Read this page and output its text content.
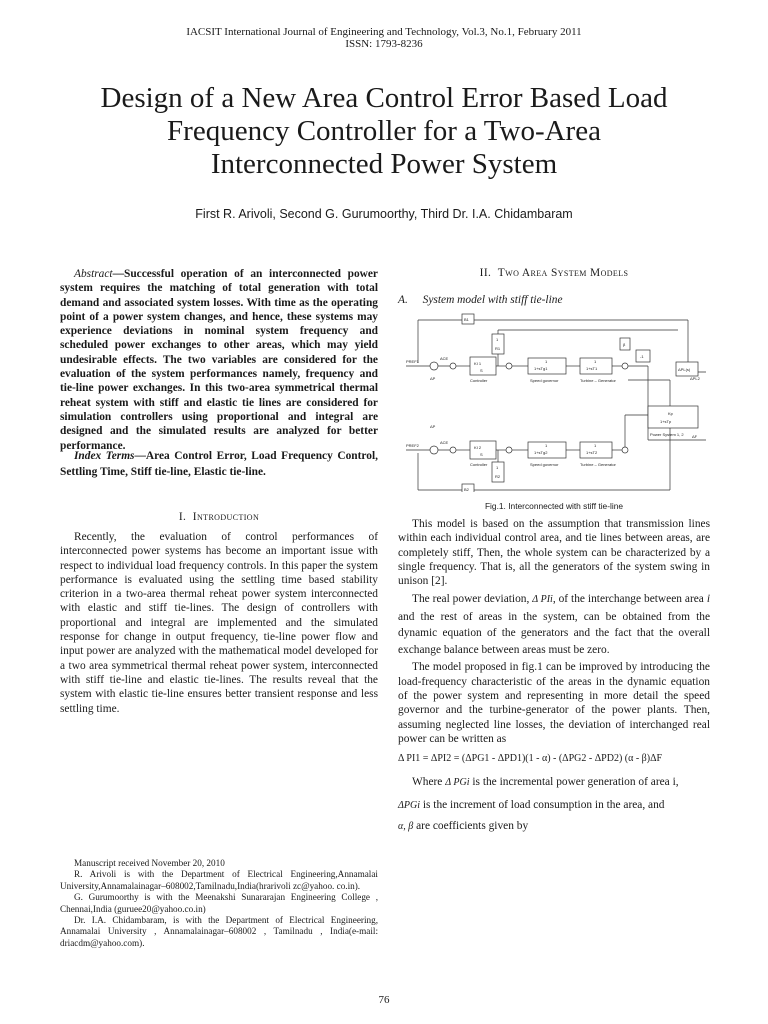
IACSIT International Journal of Engineering and Technology, Vol.3, No.1, February 2011
ISSN: 1793-8236
Design of a New Area Control Error Based Load
Frequency Controller for a Two-Area
Interconnected Power System
First R. Arivoli, Second G. Gurumoorthy, Third Dr. I.A. Chidambaram

Abstract—Successful operation of an interconnected power system requires the matching of total generation with total demand and associated system losses. With time as the operating point of a power system changes, and hence, these systems may experience deviations in nominal system frequency and scheduled power exchanges to other areas, which may yield undesirable effects. The two variables are considered for the evaluation of the system performances namely, frequency and tie-line power exchanges. In this two-area symmetrical thermal reheat system with stiff and elastic tie lines are considered for simulation controllers using proportional and integral are designed and the simulated results are analyzed for better performance.

Index Terms—Area Control Error, Load Frequency Control, Settling Time, Stiff tie-line, Elastic tie-line.

I. Introduction

Recently, the evaluation of control performances of interconnected power systems has become an important issue with respect to individual load frequency controls. In this paper the system performance is evaluated using the settling time based stability criterion in a two-area thermal reheat power system interconnected with elastic and stiff tie-lines. The design of controllers with proportional and integral are implemented and the simulated response for change in output frequency, tie-line power flow and input power are analyzed with the mathematical model developed for a two area symmetrical thermal reheat power system, interconnected with stiff tie-line and elastic tie-lines. The results reveal that the system with elastic tie-line ensures better transient response and less settling time.

Manuscript received November 20, 2010

R. Arivoli is with the Department of Electrical Engineering,Annamalai University,Annamalainagar–608002,Tamilnadu,India(hrarivoli zc@yahoo. co.in).

G. Gurumoorthy is with the Meenakshi Sunararajan Engineering College , Chennai,India (guruee20@yahoo.co.in)

Dr. I.A. Chidambaram, is with the Department of Electrical Engineering, Annamalai University , Annamalainagar–608002 , Tamilnadu , India(e-mail: driacdm@yahoo.com).

II. Two Area System Models
A. System model with stiff tie-line
PREF1
PREF2
B1
B2
KI 1
S
KI 2
S
1
R1
1
R2
1
1+sTg1
1
1+sT1
1
1+sTg2
1
1+sT2
Controller
Controller
Speed governor
Speed governor
Turbine – Generator
Turbine – Generator
β
-1
ΔPL(s)
Kp
1+sTp
Power System 1, 2 ΔF
ΔP
ΔP
ACE
ACE
ΔPL2
Fig.1. Interconnected with stiff tie-line

This model is based on the assumption that transmission lines within each individual control area, and tie lines between areas, are completely stiff, Then, the whole system can be characterized by a single frequency. That is, all the generators of the system swing in unison [2].

The real power deviation, Δ PIi, of the interchange between area i and the rest of areas in the system, can be obtained from the dynamic equation of the generators and the fact that the overall exchange balance between areas must be zero.

The model proposed in fig.1 can be improved by introducing the load-frequency characteristic of the areas in the dynamic equation of the power system and representing in more detail the speed governor and the turbine-generator of the power plants. Then, assuming neglected line losses, the deviation of interchanged real power can be written as

Δ PI1 = ΔPI2 = (ΔPG1 - ΔPD1)(1 - α) - (ΔPG2 - ΔPD2) (α - β)ΔF

Where Δ PGi is the incremental power generation of area i,

ΔPGi is the increment of load consumption in the area, and

α, β are coefficients given by

76
